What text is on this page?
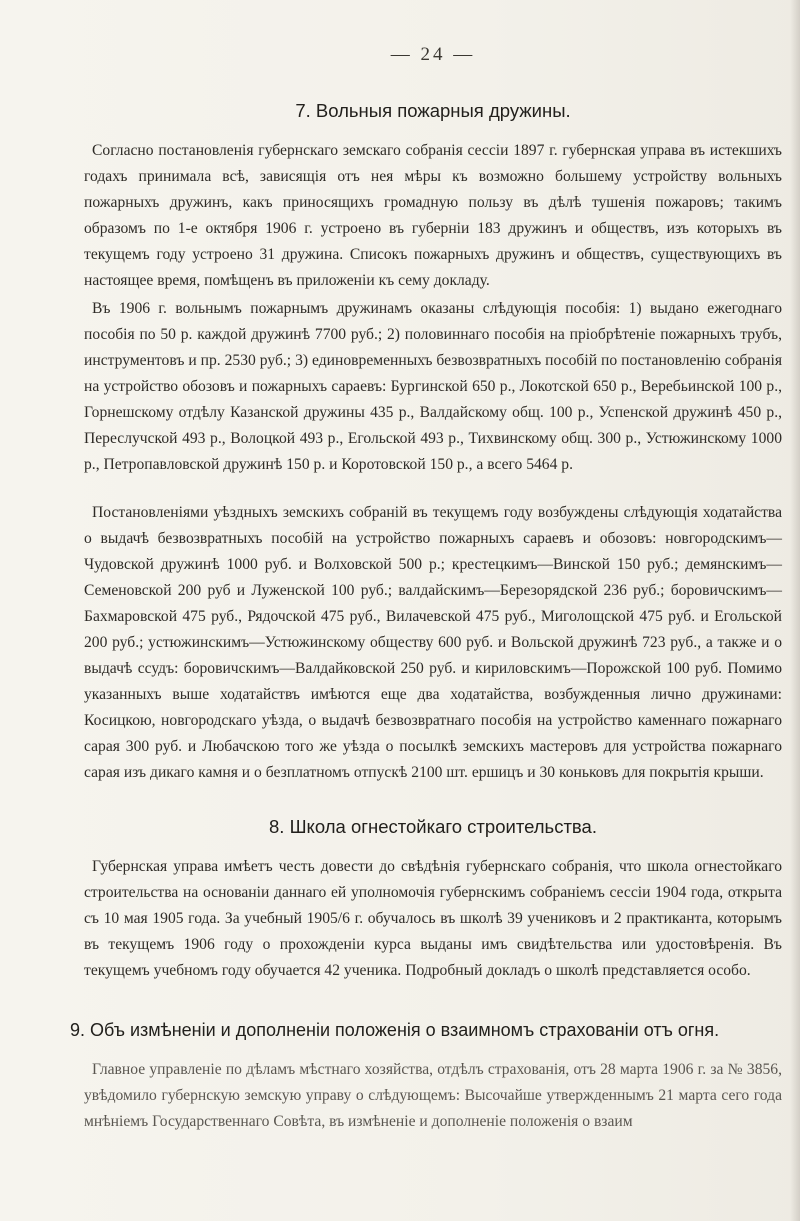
— 24 —
7. Вольныя пожарныя дружины.

Согласно постановленія губернскаго земскаго собранія сессіи 1897 г. губернская управа въ истекшихъ годахъ принимала всѣ, зависящія отъ нея мѣры къ возможно большему устройству вольныхъ пожарныхъ дружинъ, какъ приносящихъ громадную пользу въ дѣлѣ тушенія пожаровъ; такимъ образомъ по 1-е октября 1906 г. устроено въ губерніи 183 дружинъ и обществъ, изъ которыхъ въ текущемъ году устроено 31 дружина. Списокъ пожарныхъ дружинъ и обществъ, существующихъ въ настоящее время, помѣщенъ въ приложеніи къ сему докладу.

Въ 1906 г. вольнымъ пожарнымъ дружинамъ оказаны слѣдующія пособія: 1) выдано ежегоднаго пособія по 50 р. каждой дружинѣ 7700 руб.; 2) половиннаго пособія на пріобрѣтеніе пожарныхъ трубъ, инструментовъ и пр. 2530 руб.; 3) единовременныхъ безвозвратныхъ пособій по постановленію собранія на устройство обозовъ и пожарныхъ сараевъ: Бургинской 650 р., Локотской 650 р., Веребьинской 100 р., Горнешскому отдѣлу Казанской дружины 435 р., Валдайскому общ. 100 р., Успенской дружинѣ 450 р., Переслучской 493 р., Волоцкой 493 р., Егольской 493 р., Тихвинскому общ. 300 р., Устюжинскому 1000 р., Петропавловской дружинѣ 150 р. и Коротовской 150 р., а всего 5464 р.

Постановленіями уѣздныхъ земскихъ собраній въ текущемъ году возбуждены слѣдующія ходатайства о выдачѣ безвозвратныхъ пособій на устройство пожарныхъ сараевъ и обозовъ: новгородскимъ—Чудовской дружинѣ 1000 руб. и Волховской 500 р.; крестецкимъ—Винской 150 руб.; демянскимъ—Семеновской 200 руб и Луженской 100 руб.; валдайскимъ—Березорядской 236 руб.; боровичскимъ—Бахмаровской 475 руб., Рядочской 475 руб., Вилачевской 475 руб., Миголощской 475 руб. и Егольской 200 руб.; устюжинскимъ—Устюжинскому обществу 600 руб. и Вольской дружинѣ 723 руб., а также и о выдачѣ ссудъ: боровичскимъ—Валдайковской 250 руб. и кириловскимъ—Порожской 100 руб. Помимо указанныхъ выше ходатайствъ имѣются еще два ходатайства, возбужденныя лично дружинами: Косицкою, новгородскаго уѣзда, о выдачѣ безвозвратнаго пособія на устройство каменнаго пожарнаго сарая 300 руб. и Любачскою того же уѣзда о посылкѣ земскихъ мастеровъ для устройства пожарнаго сарая изъ дикаго камня и о безплатномъ отпускѣ 2100 шт. ершицъ и 30 коньковъ для покрытія крыши.

8. Школа огнестойкаго строительства.

Губернская управа имѣетъ честь довести до свѣдѣнія губернскаго собранія, что школа огнестойкаго строительства на основаніи даннаго ей уполномочія губернскимъ собраніемъ сессіи 1904 года, открыта съ 10 мая 1905 года. За учебный 1905/6 г. обучалось въ школѣ 39 учениковъ и 2 практиканта, которымъ въ текущемъ 1906 году о прохожденіи курса выданы имъ свидѣтельства или удостовѣренія. Въ текущемъ учебномъ году обучается 42 ученика. Подробный докладъ о школѣ представляется особо.

9. Объ измѣненіи и дополненіи положенія о взаимномъ страхованіи отъ огня.

Главное управленіе по дѣламъ мѣстнаго хозяйства, отдѣлъ страхованія, отъ 28 марта 1906 г. за № 3856, увѣдомило губернскую земскую управу о слѣдующемъ: Высочайше утвержденнымъ 21 марта сего года мнѣніемъ Государственнаго Совѣта, въ измѣненіе и дополненіе положенія о взаим
